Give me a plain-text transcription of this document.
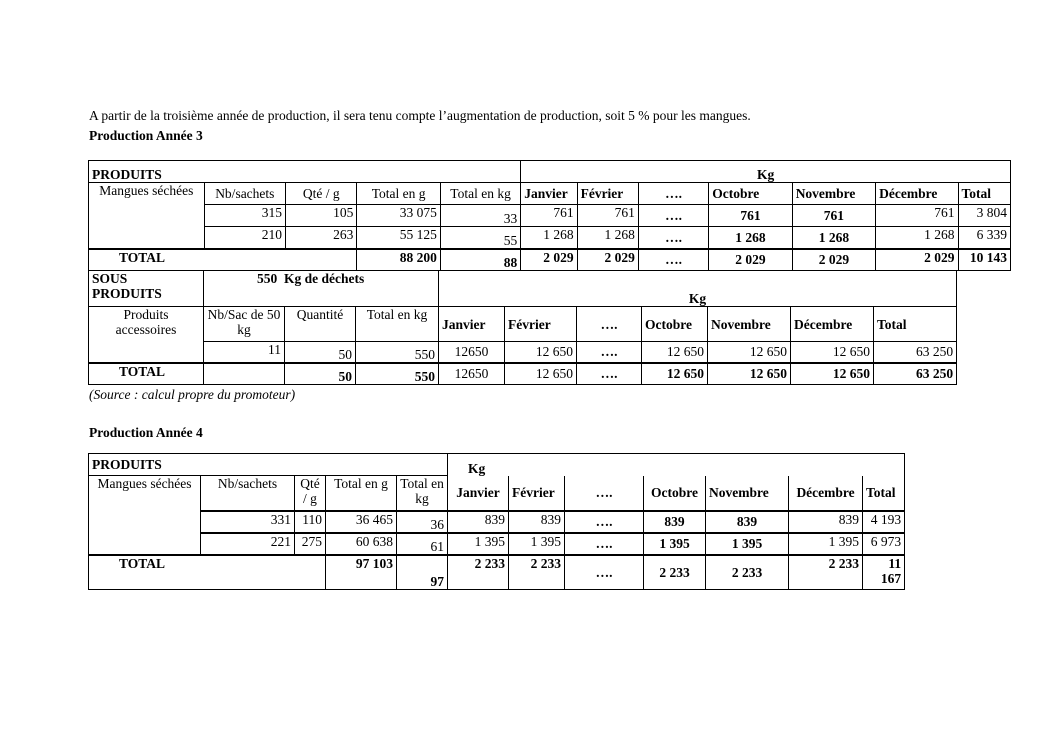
A partir de la troisième année de production, il sera tenu compte l’augmentation de production, soit 5 % pour les mangues.
Production Année 3
PRODUITS					Kg						
Mangues séchées	Nb/sachets	Qté / g	Total en g	Total en kg	Janvier	Février	….	Octobre	Novembre	Décembre	Total
	315	105	33 075	33	761	761	….	761	761	761	3 804
	210	263	55 125	55	1 268	1 268	….	1 268	1 268	1 268	6 339
TOTAL			88 200	88	2 029	2 029	….	2 029	2 029	2 029	10 143
SOUS PRODUITS	550 Kg de déchets			Kg						
Produits accessoires	Nb/Sac de 50 kg	Quantité	Total en kg	Janvier	Février	….	Octobre	Novembre	Décembre	Total
	11	50	550	12650	12 650	….	12 650	12 650	12 650	63 250
TOTAL		50	550	12650	12 650	….	12 650	12 650	12 650	63 250
(Source : calcul propre du promoteur)
Production Année 4
PRODUITS					Kg						
Mangues séchées	Nb/sachets	Qté / g	Total en g	Total en kg	Janvier	Février	….	Octobre	Novembre	Décembre	Total
	331	110	36 465	36	839	839	….	839	839	839	4 193
	221	275	60 638	61	1 395	1 395	….	1 395	1 395	1 395	6 973
TOTAL			97 103	97	2 233	2 233	….	2 233	2 233	2 233	11 167
